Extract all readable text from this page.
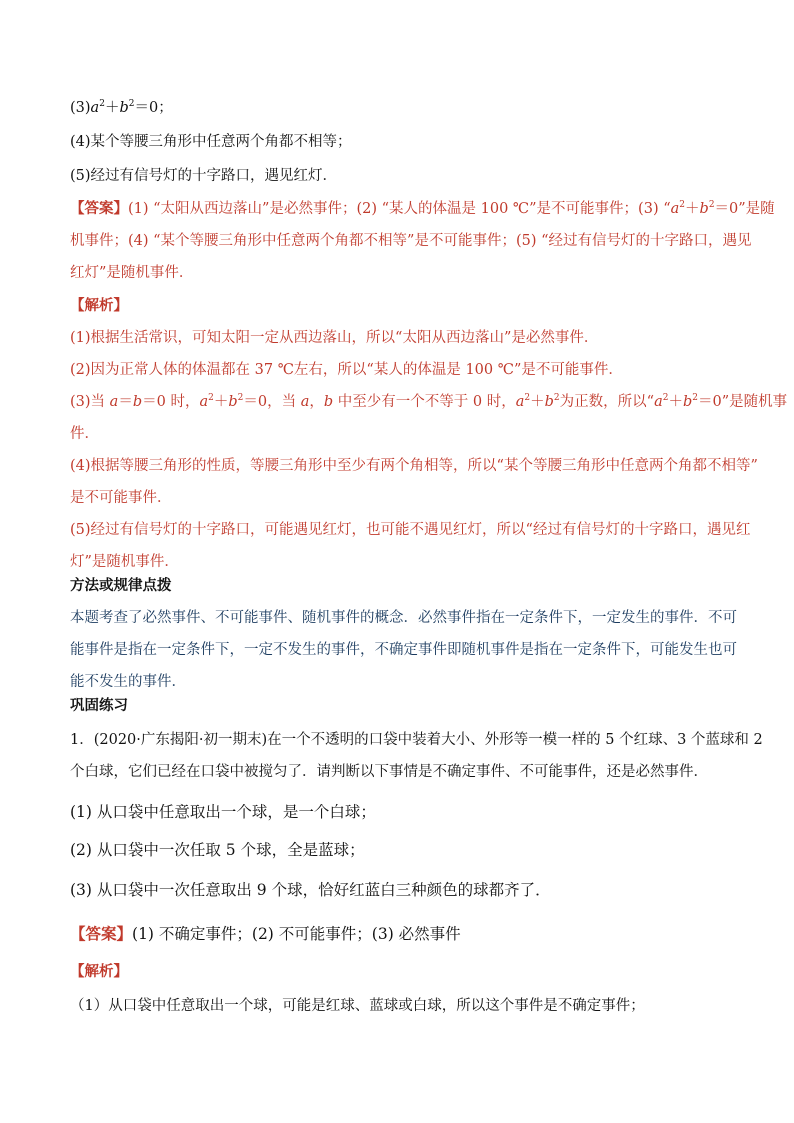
$(3)a^2+b^2=0$；
(4)某个等腰三角形中任意两个角都不相等；
(5)经过有信号灯的十字路口，遇见红灯．
【答案】(1) “太阳从西边落山”是必然事件；(2) “某人的体温是 100 ℃”是不可能事件；(3) “$a^2+b^2=0$”是随
机事件；(4) “某个等腰三角形中任意两个角都不相等”是不可能事件；(5) “经过有信号灯的十字路口，遇见
红灯”是随机事件．
【解析】
(1)根据生活常识，可知太阳一定从西边落山，所以“太阳从西边落山”是必然事件．
(2)因为正常人体的体温都在 37 ℃左右，所以“某人的体温是 100 ℃”是不可能事件．
(3)当 a＝b＝0 时，$a^2+b^2=0$，当 a，b 中至少有一个不等于 0 时，$a^2+b^2$为正数，所以“$a^2+b^2=0$”是随机事
件．
(4)根据等腰三角形的性质，等腰三角形中至少有两个角相等，所以“某个等腰三角形中任意两个角都不相等”
是不可能事件．
(5)经过有信号灯的十字路口，可能遇见红灯，也可能不遇见红灯，所以“经过有信号灯的十字路口，遇见红
灯”是随机事件．
方法或规律点拨
本题考查了必然事件、不可能事件、随机事件的概念．必然事件指在一定条件下，一定发生的事件．不可
能事件是指在一定条件下，一定不发生的事件，不确定事件即随机事件是指在一定条件下，可能发生也可
能不发生的事件．
巩固练习
1．(2020·广东揭阳·初一期末)在一个不透明的口袋中装着大小、外形等一模一样的 5 个红球、3 个蓝球和 2
个白球，它们已经在口袋中被搅匀了．请判断以下事情是不确定事件、不可能事件，还是必然事件．
(1) 从口袋中任意取出一个球，是一个白球；
(2) 从口袋中一次任取 5 个球，全是蓝球；
(3) 从口袋中一次任意取出 9 个球，恰好红蓝白三种颜色的球都齐了．
【答案】(1) 不确定事件；(2) 不可能事件；(3) 必然事件
【解析】
（1）从口袋中任意取出一个球，可能是红球、蓝球或白球，所以这个事件是不确定事件；
